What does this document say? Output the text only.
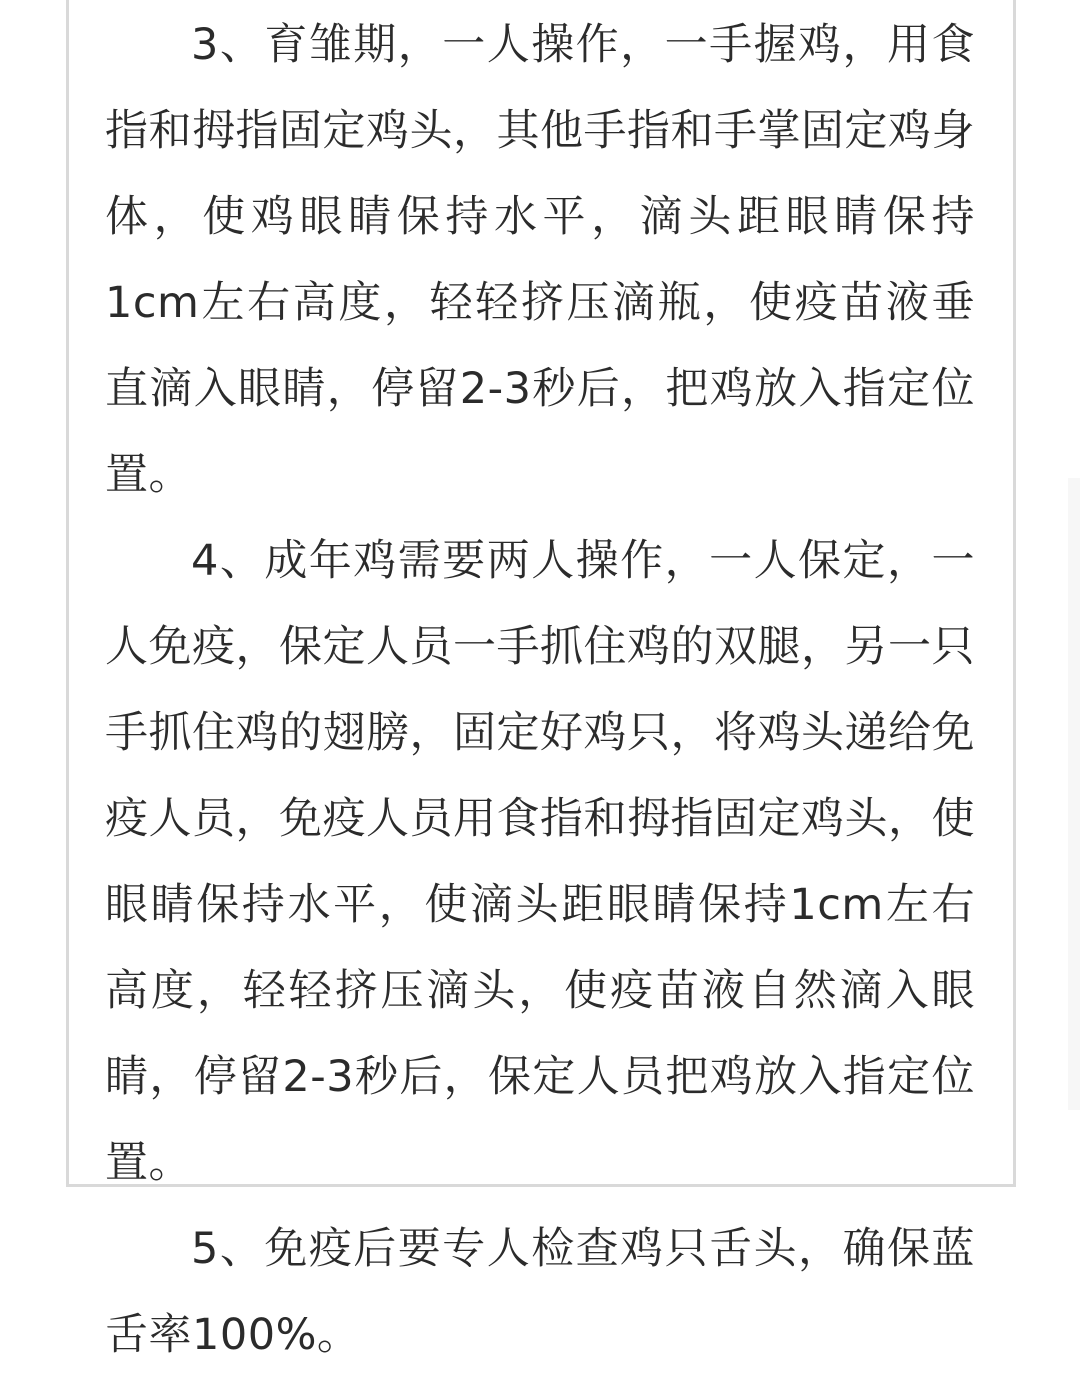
3、育雏期，一人操作，一手握鸡，用食指和拇指固定鸡头，其他手指和手掌固定鸡身体，使鸡眼睛保持水平，滴头距眼睛保持1cm左右高度，轻轻挤压滴瓶，使疫苗液垂直滴入眼睛，停留2-3秒后，把鸡放入指定位置。

4、成年鸡需要两人操作，一人保定，一人免疫，保定人员一手抓住鸡的双腿，另一只手抓住鸡的翅膀，固定好鸡只，将鸡头递给免疫人员，免疫人员用食指和拇指固定鸡头，使眼睛保持水平，使滴头距眼睛保持1cm左右高度，轻轻挤压滴头，使疫苗液自然滴入眼睛，停留2-3秒后，保定人员把鸡放入指定位置。

5、免疫后要专人检查鸡只舌头，确保蓝舌率100%。
